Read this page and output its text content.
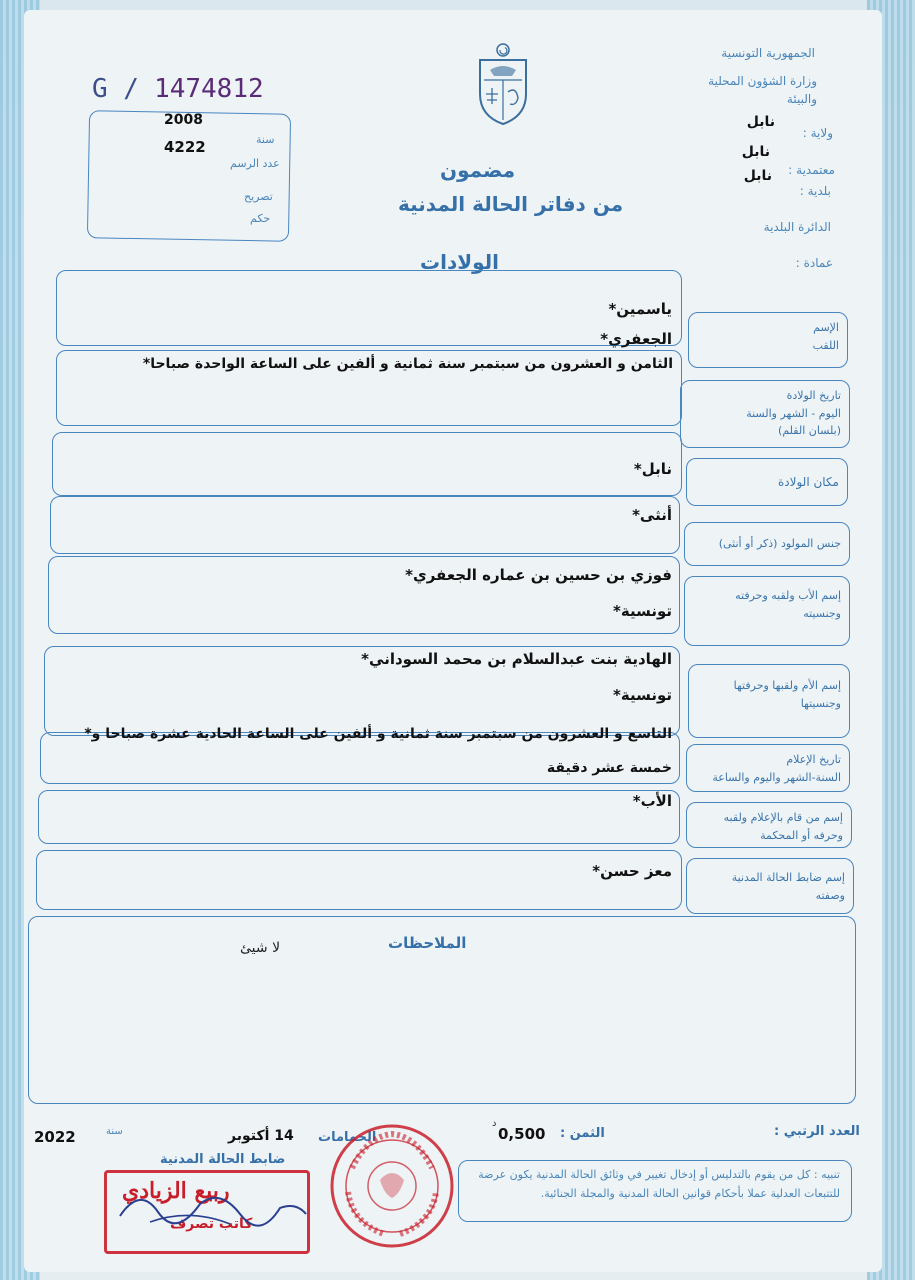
الجمهورية التونسية
وزارة الشؤون المحلية والبيئة
ولاية :
نابل
معتمدية :
نابل
بلدية :
نابل
الدائرة البلدية
عمادة :
G / 1474812
2008
4222	سنة
عدد الرسم
تصريح
حكم
مضمون
من دفاتر الحالة المدنية
الولادات
الإسم
اللقب
ياسمين*
الجعفري*
تاريخ الولادة
اليوم - الشهر والسنة
(بلسان القلم)
الثامن و العشرون من سبتمبر سنة ثمانية و ألفين على الساعة الواحدة صباحا*
مكان الولادة
نابل*
جنس المولود (ذكر أو أنثى)
أنثى*
إسم الأب ولقبه وحرفته
وجنسيته
فوزي بن حسين بن عماره الجعفري*
تونسية*
إسم الأم ولقبها وحرفتها
وجنسيتها
الهادية بنت عبدالسلام بن محمد السوداني*
تونسية*
تاريخ الإعلام
السنة-الشهر واليوم والساعة
التاسع و العشرون من سبتمبر سنة ثمانية و ألفين على الساعة الحادية عشرة صباحا و*
خمسة عشر دقيقة
إسم من قام بالإعلام ولقبه
وحرفه أو المحكمة
الأب*
إسم ضابط الحالة المدنية
وصفته
معز حسن*
الملاحظات
لا شيئ
العدد الرتبي :
الثمن :
0,500
د
الحمامات
14 أكتوبر
سنة
2022
ضابط الحالة المدنية
تنبيه : كل من يقوم بالتدليس أو إدخال تغيير في وثائق الحالة المدنية يكون عرضة للتتبعات العدلية عملا بأحكام قوانين الحالة المدنية والمجلة الجنائية.
ربيع الزيادي
كاتب تصرف
